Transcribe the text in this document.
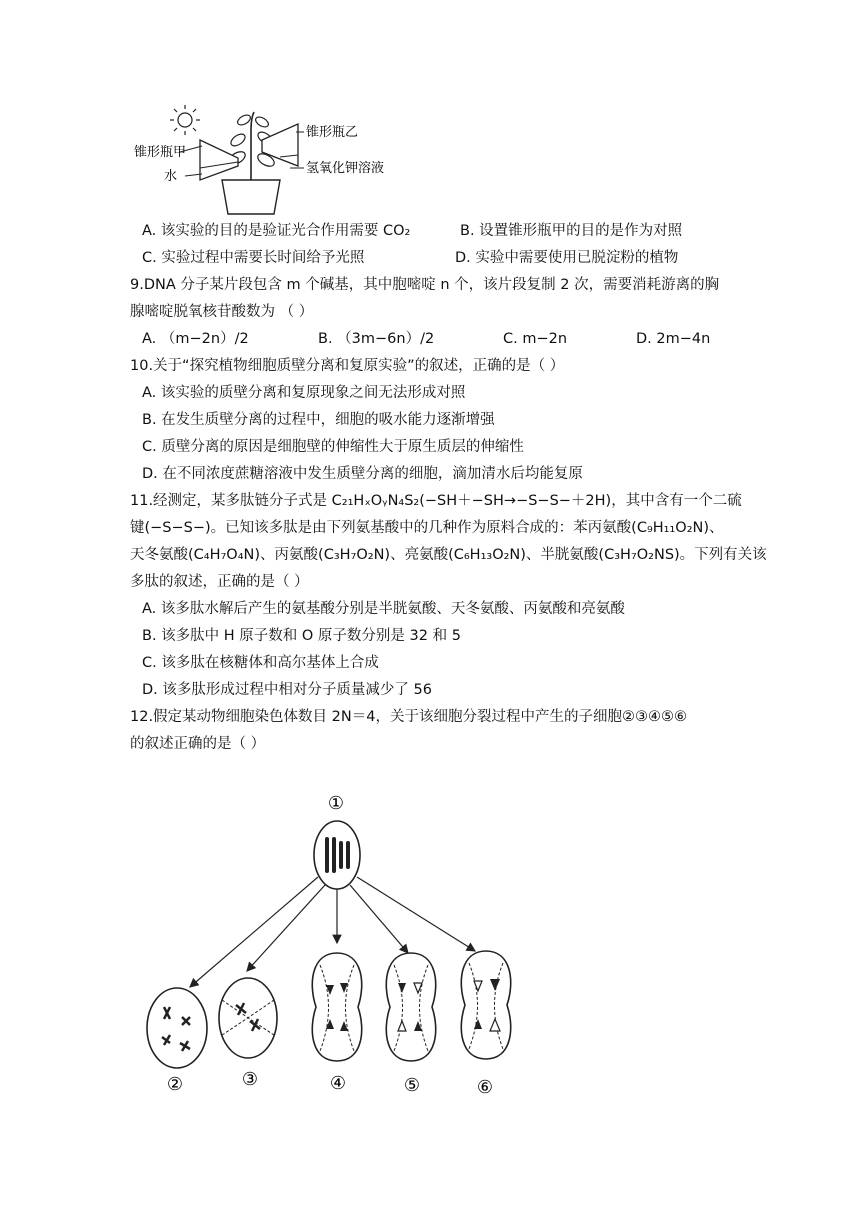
锥形瓶甲
水
锥形瓶乙
氢氧化钾溶液
A. 该实验的目的是验证光合作用需要 CO₂	B. 设置锥形瓶甲的目的是作为对照
C. 实验过程中需要长时间给予光照	D. 实验中需要使用已脱淀粉的植物
9.DNA 分子某片段包含 m 个碱基，其中胞嘧啶 n 个，该片段复制 2 次，需要消耗游离的胸
腺嘧啶脱氧核苷酸数为 （ ）
A. （m−2n）/2	B. （3m−6n）/2	C. m−2n	D. 2m−4n
10.关于“探究植物细胞质壁分离和复原实验”的叙述，正确的是（ ）
A. 该实验的质壁分离和复原现象之间无法形成对照
B. 在发生质壁分离的过程中，细胞的吸水能力逐渐增强
C. 质壁分离的原因是细胞壁的伸缩性大于原生质层的伸缩性
D. 在不同浓度蔗糖溶液中发生质壁分离的细胞，滴加清水后均能复原
11.经测定，某多肽链分子式是 C₂₁HₓOᵧN₄S₂(−SH＋−SH→−S−S−＋2H)，其中含有一个二硫
键(−S−S−)。已知该多肽是由下列氨基酸中的几种作为原料合成的：苯丙氨酸(C₉H₁₁O₂N)、
天冬氨酸(C₄H₇O₄N)、丙氨酸(C₃H₇O₂N)、亮氨酸(C₆H₁₃O₂N)、半胱氨酸(C₃H₇O₂NS)。下列有关该
多肽的叙述，正确的是（ ）
A. 该多肽水解后产生的氨基酸分别是半胱氨酸、天冬氨酸、丙氨酸和亮氨酸
B. 该多肽中 H 原子数和 O 原子数分别是 32 和 5
C. 该多肽在核糖体和高尔基体上合成
D. 该多肽形成过程中相对分子质量减少了 56
12.假定某动物细胞染色体数目 2N＝4，关于该细胞分裂过程中产生的子细胞②③④⑤⑥
的叙述正确的是（ ）
①
②	③	④	⑤	⑥
